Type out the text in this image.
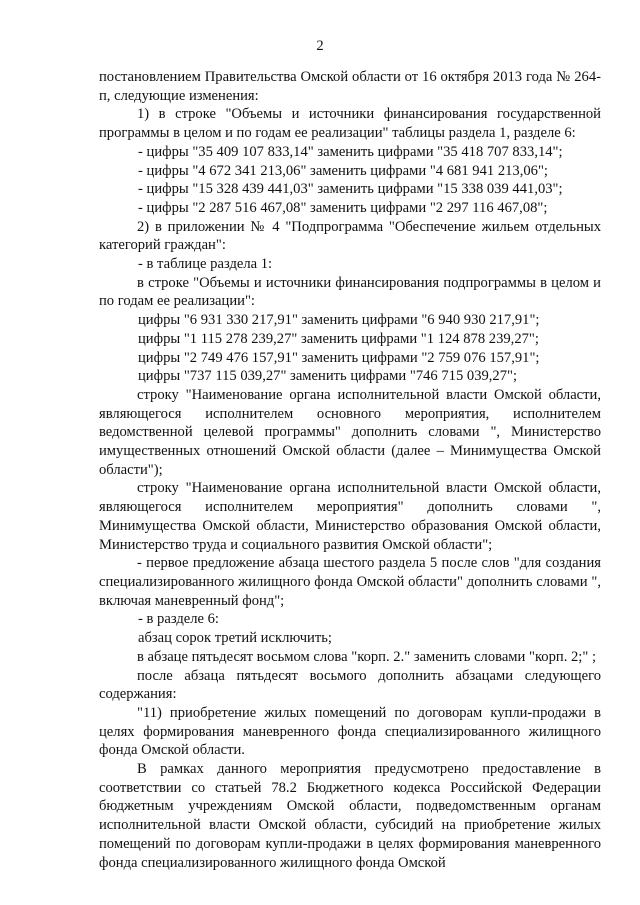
2

постановлением Правительства Омской области от 16 октября 2013 года № 264-п, следующие изменения:

1) в строке "Объемы и источники финансирования государственной программы в целом и по годам ее реализации" таблицы раздела 1, разделе 6:

- цифры "35 409 107 833,14" заменить цифрами "35 418 707 833,14";

- цифры "4 672 341 213,06" заменить цифрами "4 681 941 213,06";

- цифры "15 328 439 441,03" заменить цифрами "15 338 039 441,03";

- цифры "2 287 516 467,08" заменить цифрами "2 297 116 467,08";

2) в приложении № 4 "Подпрограмма "Обеспечение жильем отдельных категорий граждан":

- в таблице раздела 1:

в строке "Объемы и источники финансирования подпрограммы в целом и по годам ее реализации":

цифры "6 931 330 217,91" заменить цифрами "6 940 930 217,91";

цифры "1 115 278 239,27" заменить цифрами "1 124 878 239,27";

цифры "2 749 476 157,91" заменить цифрами "2 759 076 157,91";

цифры "737 115 039,27" заменить цифрами "746 715 039,27";

строку "Наименование органа исполнительной власти Омской области, являющегося исполнителем основного мероприятия, исполнителем ведомственной целевой программы" дополнить словами ", Министерство имущественных отношений Омской области (далее – Минимущества Омской области");

строку "Наименование органа исполнительной власти Омской области, являющегося исполнителем мероприятия" дополнить словами ", Минимущества Омской области, Министерство образования Омской области, Министерство труда и социального развития Омской области";

- первое предложение абзаца шестого раздела 5 после слов "для создания специализированного жилищного фонда Омской области" дополнить словами ", включая маневренный фонд";

- в разделе 6:

абзац сорок третий исключить;

в абзаце пятьдесят восьмом слова "корп. 2." заменить словами "корп. 2;" ;

после абзаца пятьдесят восьмого дополнить абзацами следующего содержания:

"11) приобретение жилых помещений по договорам купли-продажи в целях формирования маневренного фонда специализированного жилищного фонда Омской области.

В рамках данного мероприятия предусмотрено предоставление в соответствии со статьей 78.2 Бюджетного кодекса Российской Федерации бюджетным учреждениям Омской области, подведомственным органам исполнительной власти Омской области, субсидий на приобретение жилых помещений по договорам купли-продажи в целях формирования маневренного фонда специализированного жилищного фонда Омской
